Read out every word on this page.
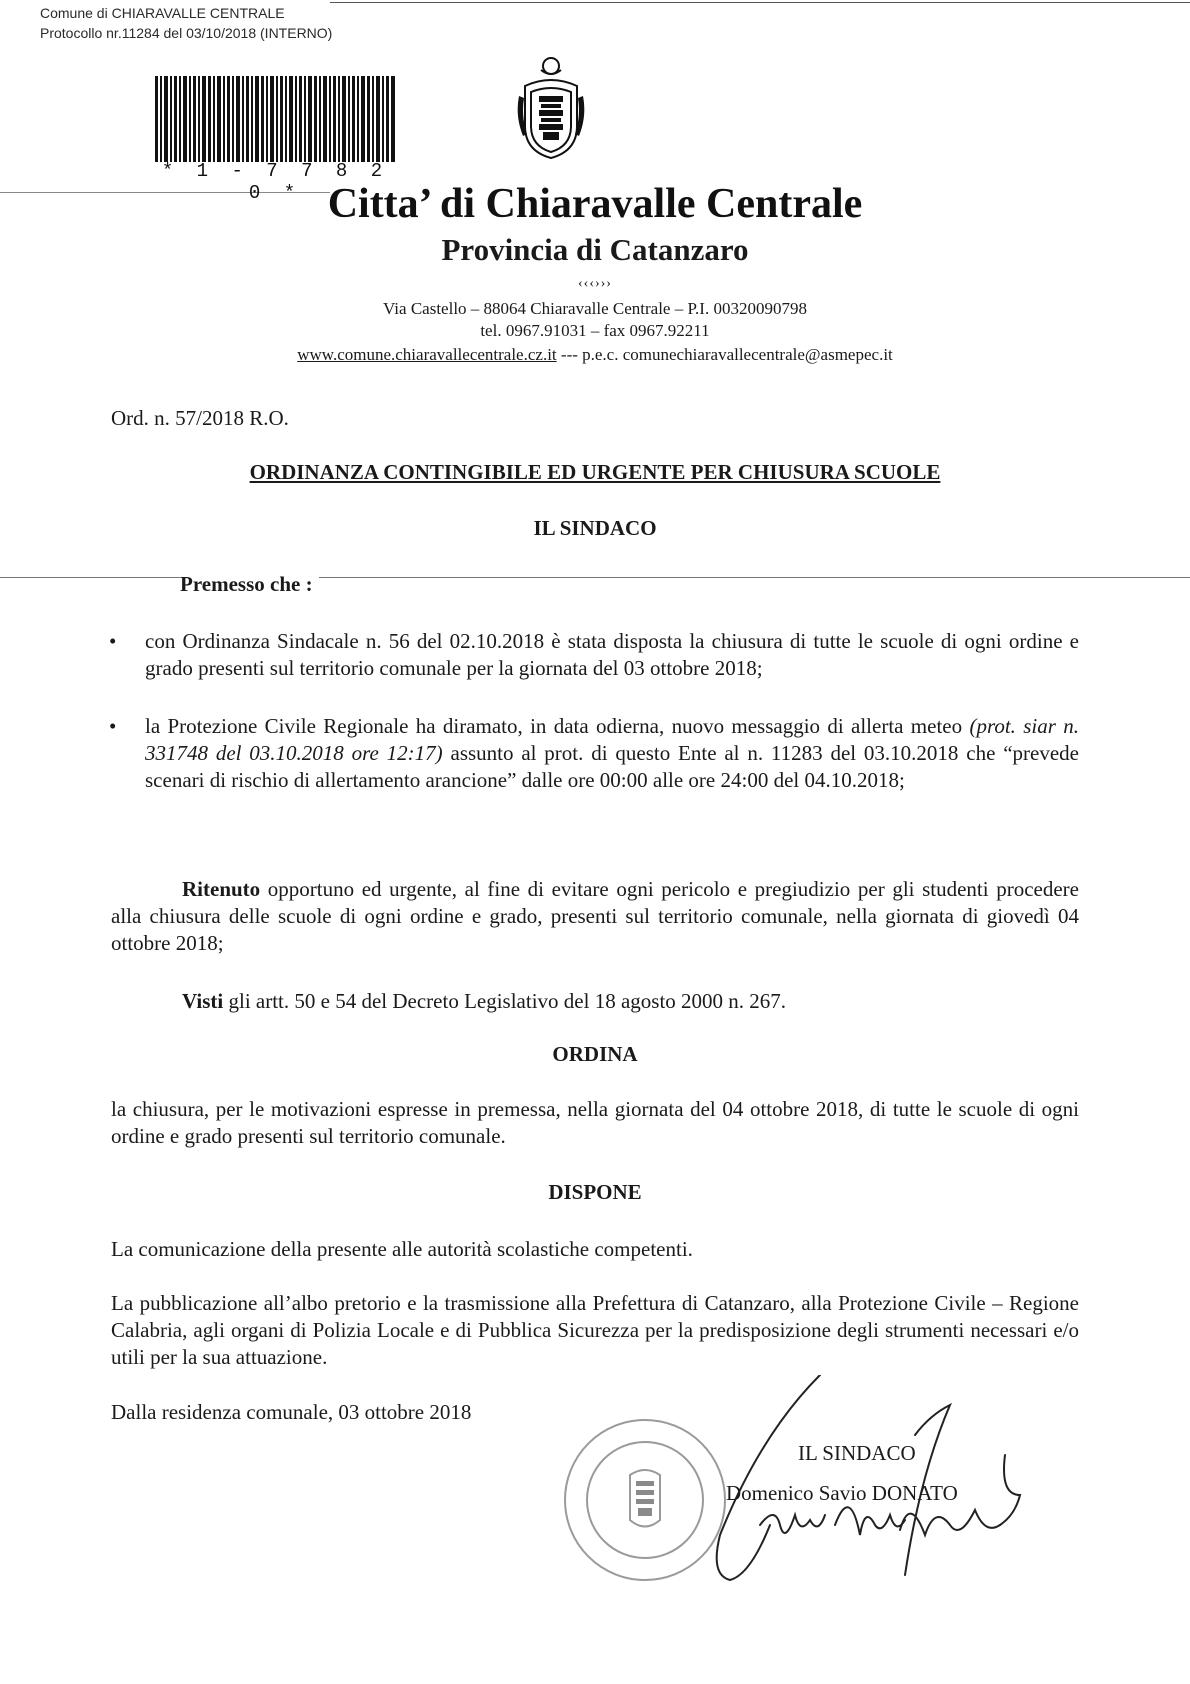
Comune di CHIARAVALLE CENTRALE
Protocollo nr.11284 del 03/10/2018 (INTERNO)
* 1 - 7 7 8 2 0 * Citta’ di Chiaravalle Centrale
Provincia di Catanzaro
‹‹‹›››
Via Castello – 88064 Chiaravalle Centrale – P.I. 00320090798
tel. 0967.91031 – fax 0967.92211
www.comune.chiaravallecentrale.cz.it --- p.e.c. comunechiaravallecentrale@asmepec.it
Ord. n. 57/2018 R.O.
ORDINANZA CONTINGIBILE ED URGENTE PER CHIUSURA SCUOLE
IL SINDACO
Premesso che :
• con Ordinanza Sindacale n. 56 del 02.10.2018 è stata disposta la chiusura di tutte le scuole di ogni ordine e grado presenti sul territorio comunale per la giornata del 03 ottobre 2018;
• la Protezione Civile Regionale ha diramato, in data odierna, nuovo messaggio di allerta meteo (prot. siar n. 331748 del 03.10.2018 ore 12:17) assunto al prot. di questo Ente al n. 11283 del 03.10.2018 che “prevede scenari di rischio di allertamento arancione” dalle ore 00:00 alle ore 24:00 del 04.10.2018;
Ritenuto opportuno ed urgente, al fine di evitare ogni pericolo e pregiudizio per gli studenti procedere alla chiusura delle scuole di ogni ordine e grado, presenti sul territorio comunale, nella giornata di giovedì 04 ottobre 2018;
Visti gli artt. 50 e 54 del Decreto Legislativo del 18 agosto 2000 n. 267.
ORDINA
la chiusura, per le motivazioni espresse in premessa, nella giornata del 04 ottobre 2018, di tutte le scuole di ogni ordine e grado presenti sul territorio comunale.
DISPONE
La comunicazione della presente alle autorità scolastiche competenti.
La pubblicazione all’albo pretorio e la trasmissione alla Prefettura di Catanzaro, alla Protezione Civile – Regione Calabria, agli organi di Polizia Locale e di Pubblica Sicurezza per la predisposizione degli strumenti necessari e/o utili per la sua attuazione.
Dalla residenza comunale, 03 ottobre 2018
IL SINDACO
Domenico Savio DONATO
